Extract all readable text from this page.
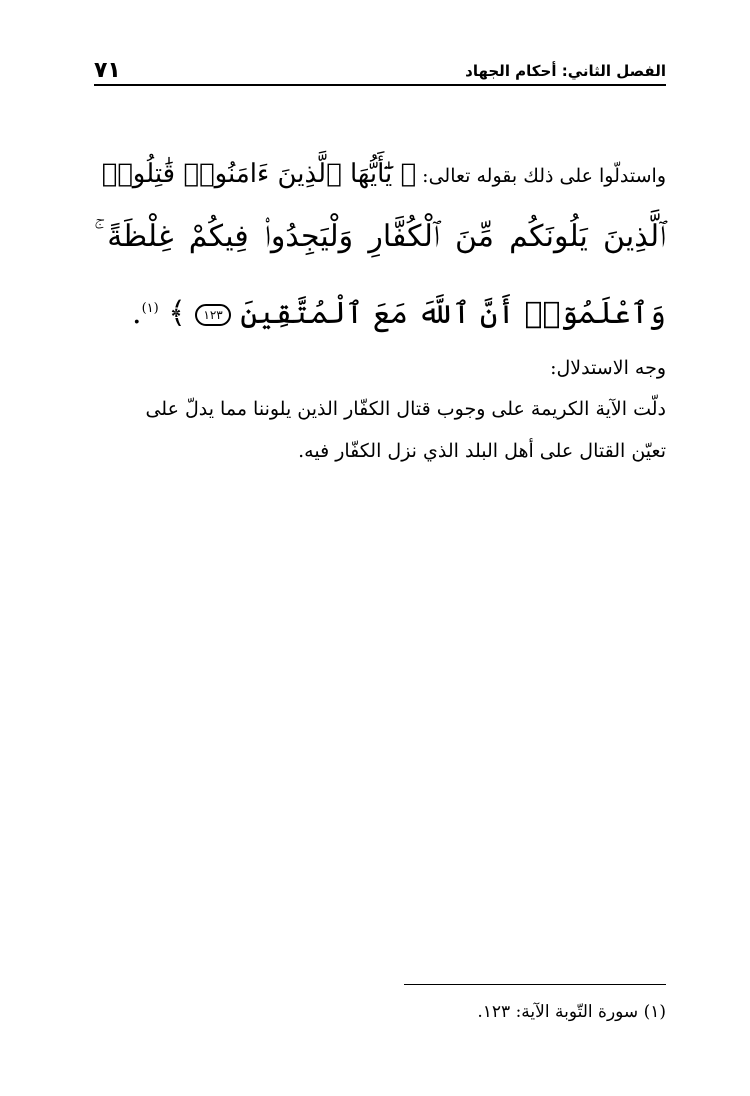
٧١	الفصل الثاني: أحكام الجهاد
واستدلّوا على ذلك بقوله تعالى: ﴿ يَٰٓأَيُّهَا ٱلَّذِينَ ءَامَنُوا۟ قَٰتِلُوا۟
ٱلَّذِينَ يَلُونَكُم مِّنَ ٱلْكُفَّارِ وَلْيَجِدُوا۟ فِيكُمْ غِلْظَةً ۚ
وَٱعْلَمُوٓا۟ أَنَّ ٱللَّهَ مَعَ ٱلْمُتَّقِينَ ١٢٣ ﴾ $^{(١)}$.
وجه الاستدلال:
دلّت الآية الكريمة على وجوب قتال الكفّار الذين يلوننا مما يدلّ على
تعيّن القتال على أهل البلد الذي نزل الكفّار فيه.
(١) سورة التّوبة الآية: ١٢٣.
